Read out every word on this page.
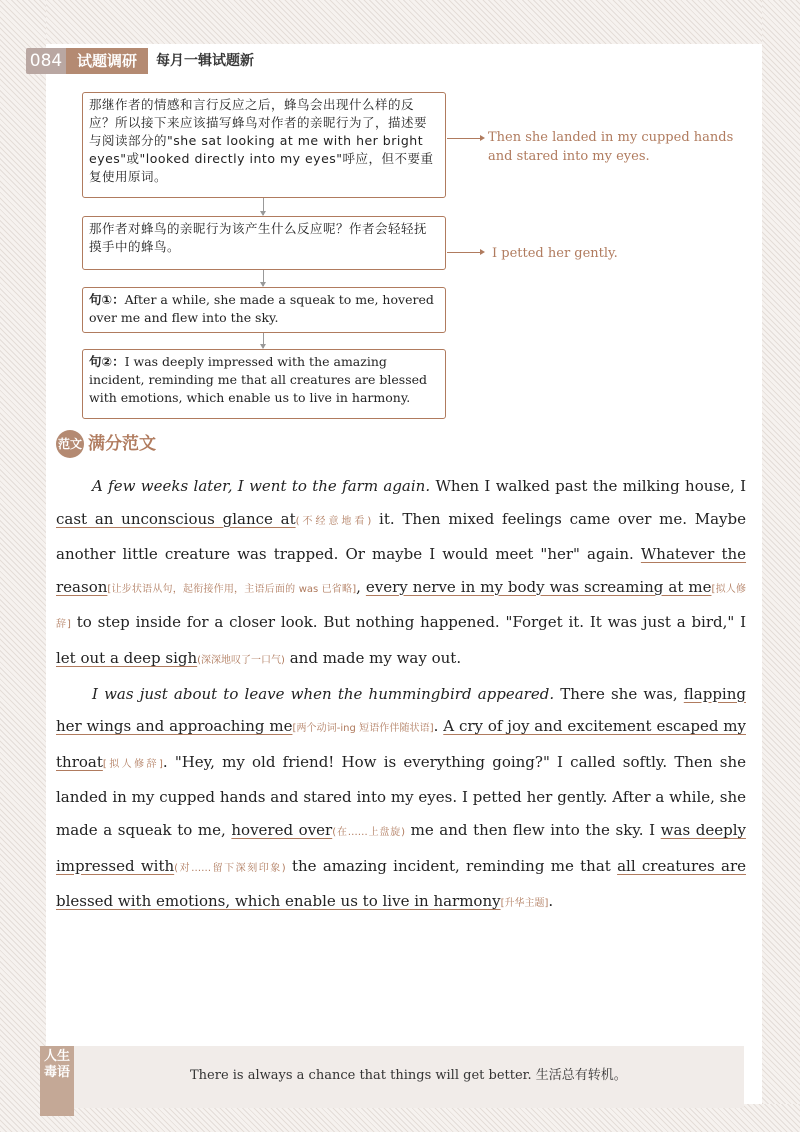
084 试题调研	每月一辑试题新
那继作者的情感和言行反应之后，蜂鸟会出现什么样的反应？所以接下来应该描写蜂鸟对作者的亲昵行为了，描述要与阅读部分的"she sat looking at me with her bright eyes"或"looked directly into my eyes"呼应，但不要重复使用原词。
Then she landed in my cupped hands and stared into my eyes.
那作者对蜂鸟的亲昵行为该产生什么反应呢？作者会轻轻抚摸手中的蜂鸟。	I petted her gently.
句①：After a while, she made a squeak to me, hovered over me and flew into the sky.
句②：I was deeply impressed with the amazing incident, reminding me that all creatures are blessed with emotions, which enable us to live in harmony.
范文 满分范文

A few weeks later, I went to the farm again. When I walked past the milking house, I cast an unconscious glance at(不经意地看) it. Then mixed feelings came over me. Maybe another little creature was trapped. Or maybe I would meet "her" again. Whatever the reason[让步状语从句，起衔接作用，主语后面的 was 已省略], every nerve in my body was screaming at me[拟人修辞] to step inside for a closer look. But nothing happened. "Forget it. It was just a bird," I let out a deep sigh(深深地叹了一口气) and made my way out.

I was just about to leave when the hummingbird appeared. There she was, flapping her wings and approaching me[两个动词-ing 短语作伴随状语]. A cry of joy and excitement escaped my throat[拟人修辞]. "Hey, my old friend! How is everything going?" I called softly. Then she landed in my cupped hands and stared into my eyes. I petted her gently. After a while, she made a squeak to me, hovered over(在……上盘旋) me and then flew into the sky. I was deeply impressed with(对……留下深刻印象) the amazing incident, reminding me that all creatures are blessed with emotions, which enable us to live in harmony[升华主题].

人生毒语	There is always a chance that things will get better. 生活总有转机。
